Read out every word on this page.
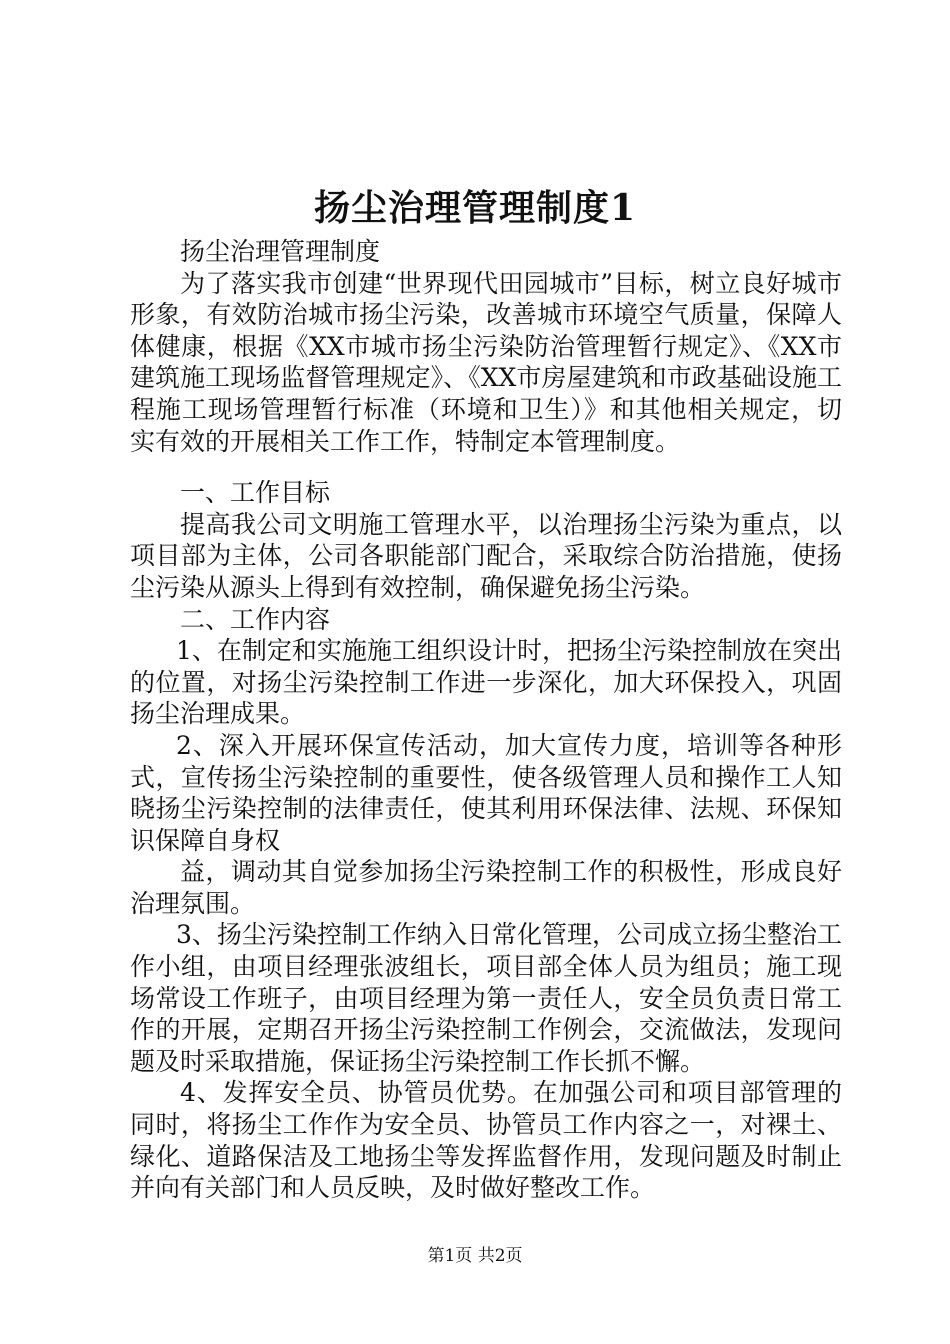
扬尘治理管理制度1

扬尘治理管理制度

为了落实我市创建“世界现代田园城市”目标，树立良好城市形象，有效防治城市扬尘污染，改善城市环境空气质量，保障人体健康，根据《XX市城市扬尘污染防治管理暂行规定》、《XX市建筑施工现场监督管理规定》、《XX市房屋建筑和市政基础设施工程施工现场管理暂行标准（环境和卫生）》和其他相关规定，切实有效的开展相关工作工作，特制定本管理制度。

一、工作目标

提高我公司文明施工管理水平，以治理扬尘污染为重点，以项目部为主体，公司各职能部门配合，采取综合防治措施，使扬尘污染从源头上得到有效控制，确保避免扬尘污染。

二、工作内容

1、在制定和实施施工组织设计时，把扬尘污染控制放在突出的位置，对扬尘污染控制工作进一步深化，加大环保投入，巩固扬尘治理成果。

2、深入开展环保宣传活动，加大宣传力度，培训等各种形式，宣传扬尘污染控制的重要性，使各级管理人员和操作工人知晓扬尘污染控制的法律责任，使其利用环保法律、法规、环保知识保障自身权

益，调动其自觉参加扬尘污染控制工作的积极性，形成良好治理氛围。

3、扬尘污染控制工作纳入日常化管理，公司成立扬尘整治工作小组，由项目经理张波组长，项目部全体人员为组员；施工现场常设工作班子，由项目经理为第一责任人，安全员负责日常工作的开展，定期召开扬尘污染控制工作例会，交流做法，发现问题及时采取措施，保证扬尘污染控制工作长抓不懈。

4、发挥安全员、协管员优势。在加强公司和项目部管理的同时，将扬尘工作作为安全员、协管员工作内容之一，对裸土、绿化、道路保洁及工地扬尘等发挥监督作用，发现问题及时制止并向有关部门和人员反映，及时做好整改工作。

第1页 共2页
